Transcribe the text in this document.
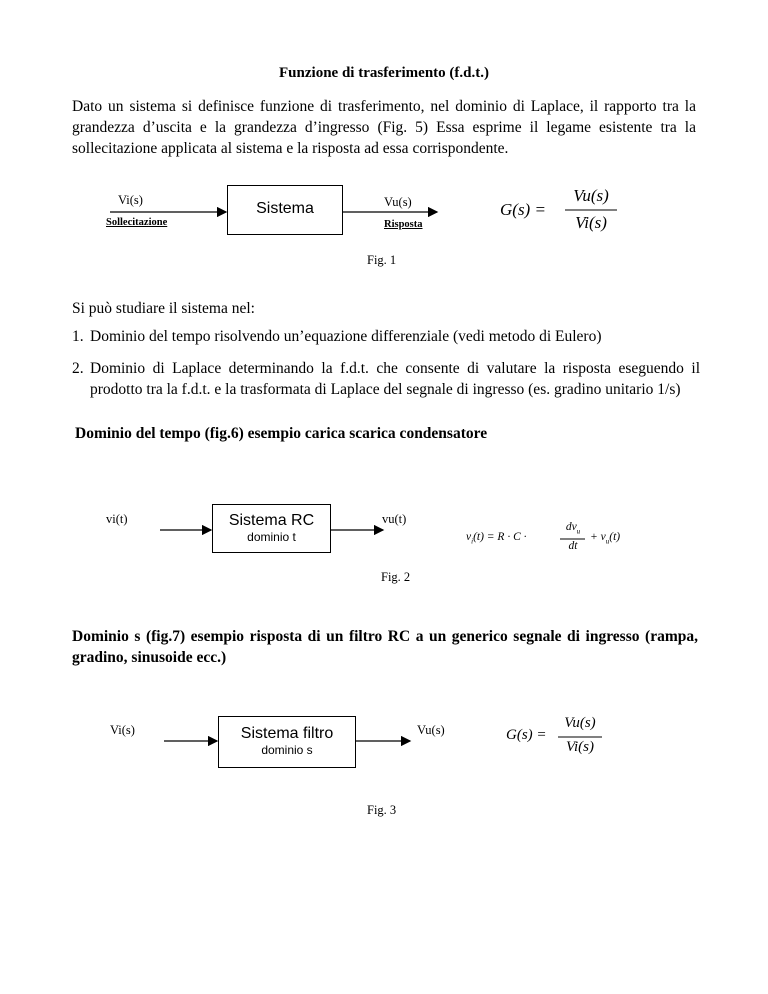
Funzione di trasferimento (f.d.t.)
Dato un sistema si definisce funzione di trasferimento, nel dominio di Laplace, il rapporto tra la grandezza d’uscita e la grandezza d’ingresso (Fig. 5) Essa esprime il legame esistente tra la sollecitazione applicata al sistema e la risposta ad essa corrispondente.
Vi(s)
Sollecitazione
Sistema	Vu(s)
Risposta
G(s) =
Vu(s)
Vi(s)
Fig. 1
Si può studiare il sistema nel:
1. Dominio del tempo risolvendo un’equazione differenziale (vedi metodo di Eulero)
2. Dominio di Laplace determinando la f.d.t. che consente di valutare la risposta eseguendo il prodotto tra la f.d.t. e la trasformata di Laplace del segnale di ingresso (es. gradino unitario 1/s)
Dominio del tempo (fig.6) esempio carica scarica condensatore
vi(t)	Sistema RC
dominio t
vu(t)
$v_i(t) = R \cdot C$ ·
$dv_u$
dt
+ $v_u(t)$
Fig. 2
Dominio s (fig.7) esempio risposta di un filtro RC a un generico segnale di ingresso (rampa, gradino, sinusoide ecc.)
Vi(s)	Sistema filtro
dominio s
Vu(s)	G(s) =
Vu(s)
Vi(s)
Fig. 3
